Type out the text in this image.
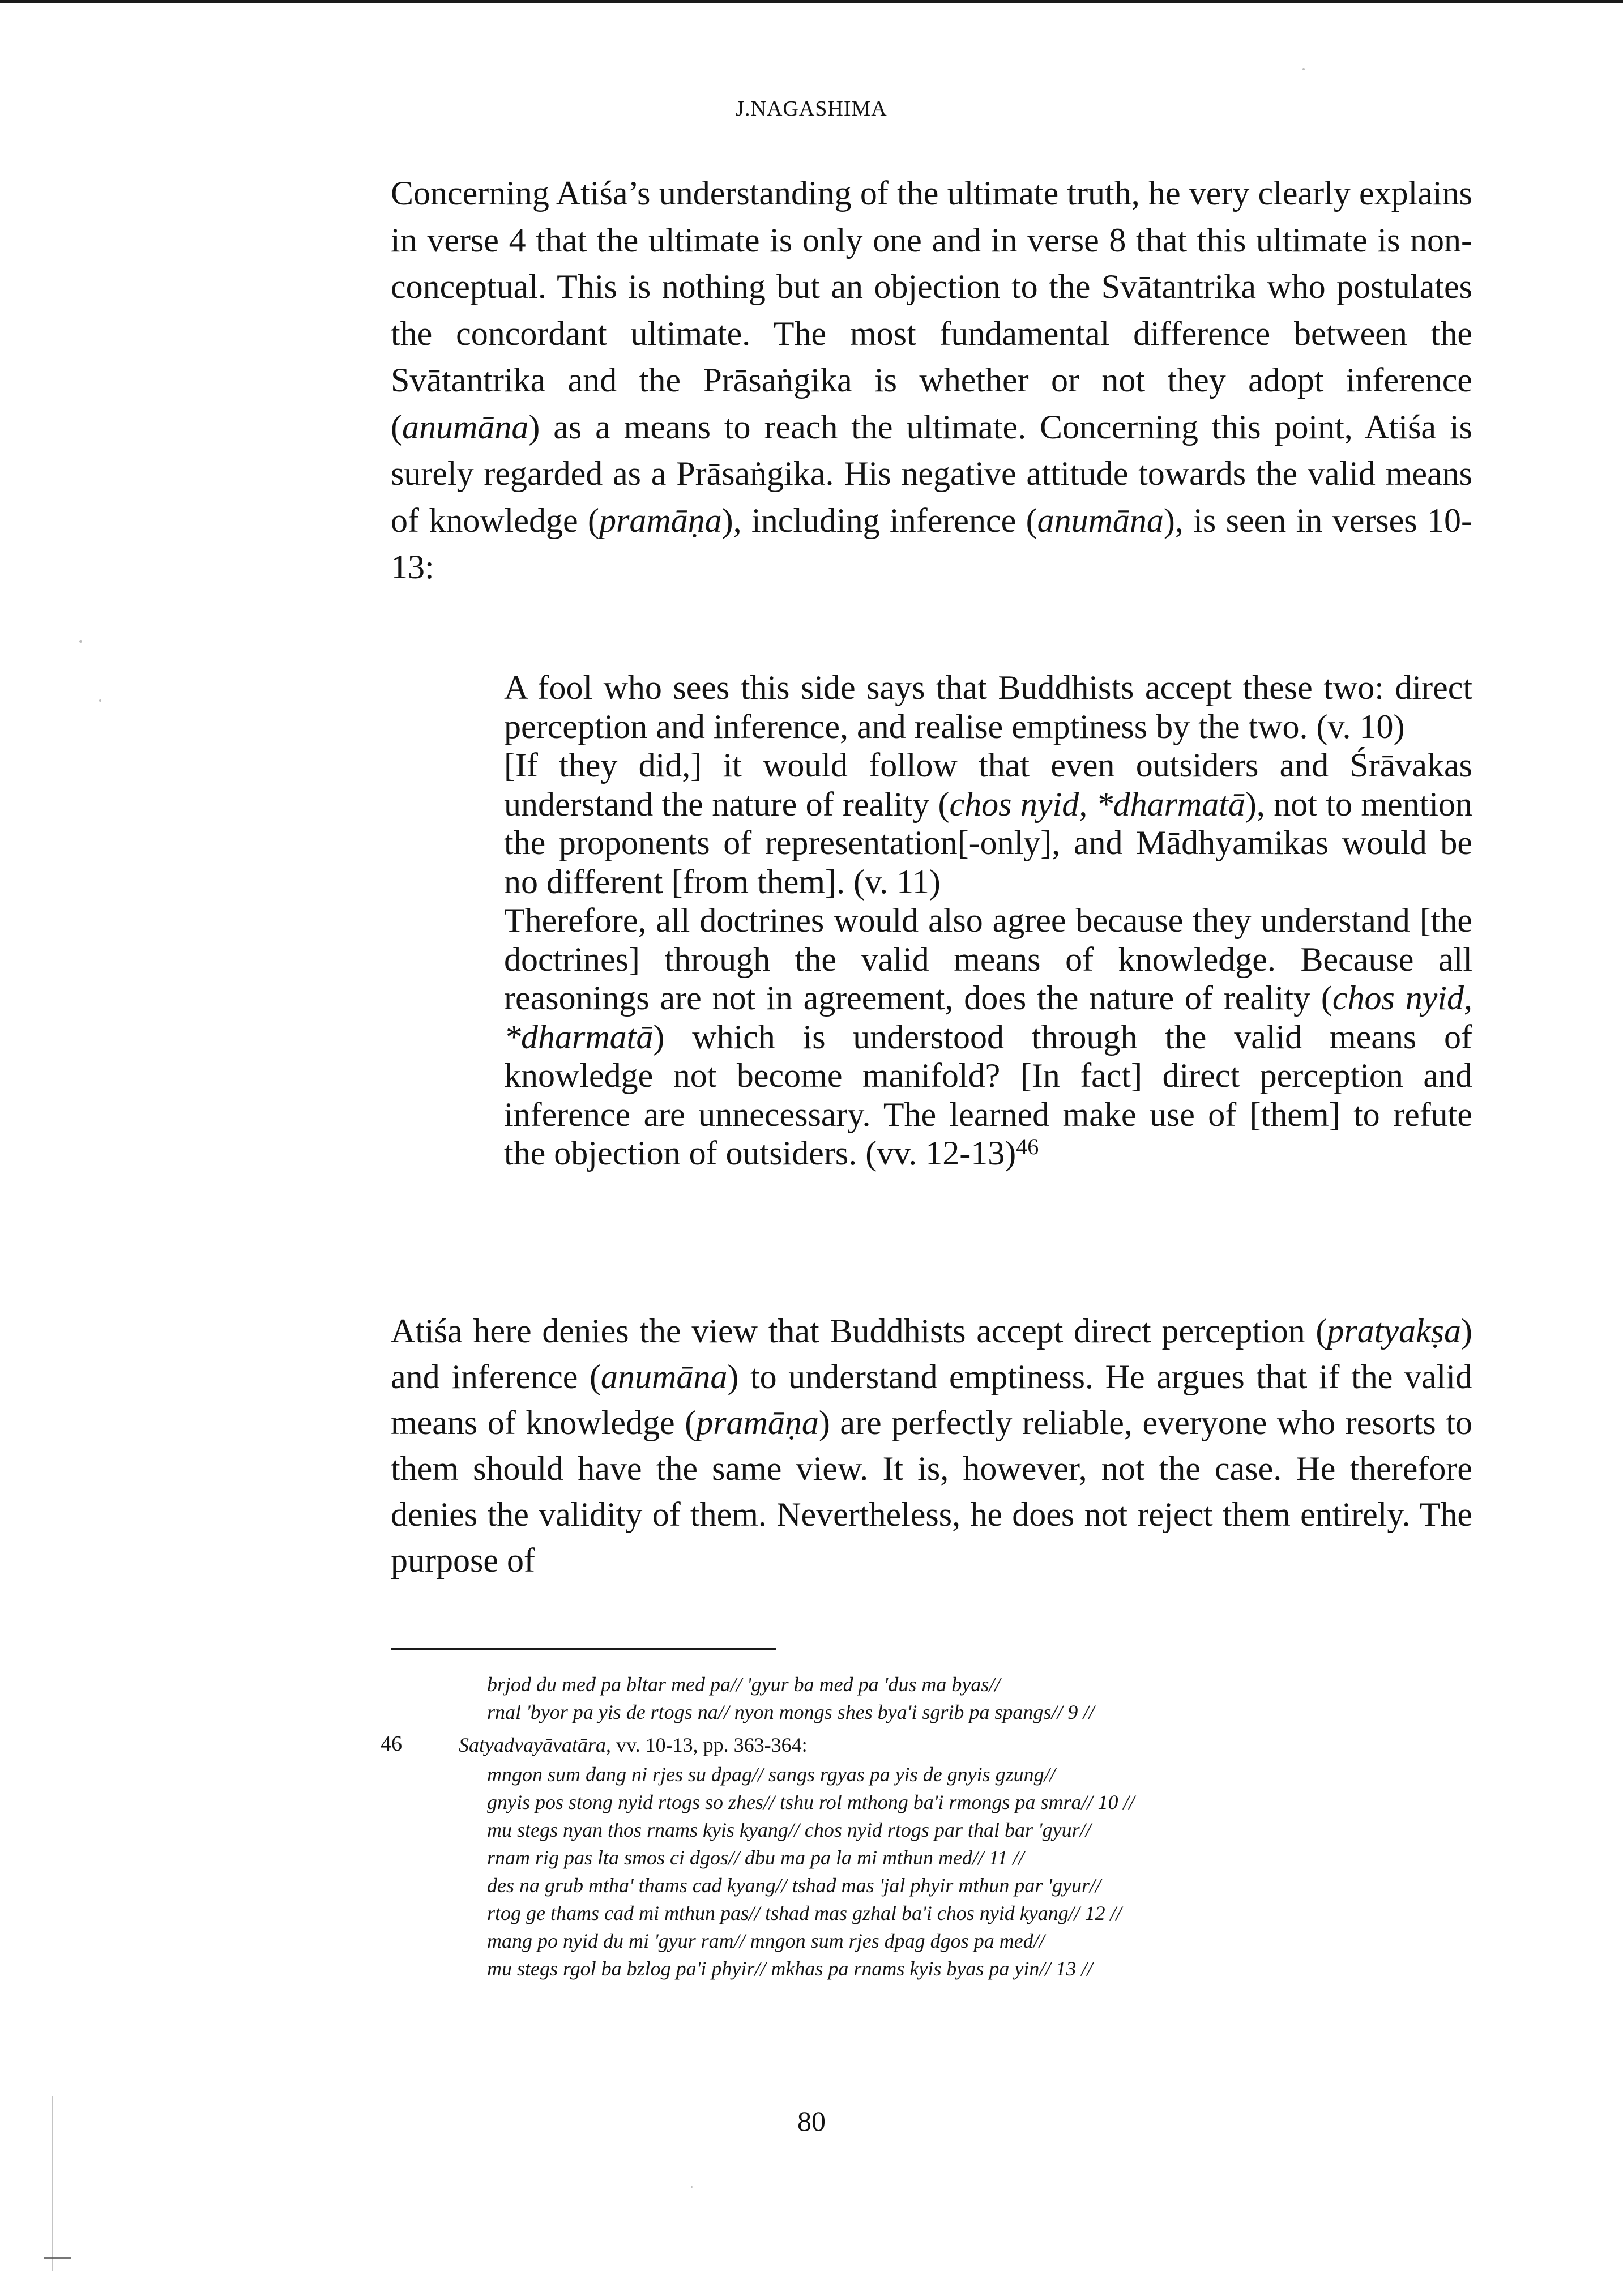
J.NAGASHIMA

Concerning Atiśa’s understanding of the ultimate truth, he very clearly explains in verse 4 that the ultimate is only one and in verse 8 that this ultimate is non-conceptual. This is nothing but an objection to the Svātantrika who postulates the concordant ultimate. The most fundamental difference between the Svātantrika and the Prāsaṅgika is whether or not they adopt inference (anumāna) as a means to reach the ultimate. Concerning this point, Atiśa is surely regarded as a Prāsaṅgika. His negative attitude towards the valid means of knowledge (pramāṇa), including inference (anumāna), is seen in verses 10-13:

A fool who sees this side says that Buddhists accept these two: direct perception and inference, and realise emptiness by the two. (v. 10)

[If they did,] it would follow that even outsiders and Śrāvakas understand the nature of reality (chos nyid, *dharmatā), not to mention the proponents of representation[-only], and Mādhyamikas would be no different [from them]. (v. 11)

Therefore, all doctrines would also agree because they understand [the doctrines] through the valid means of knowledge. Because all reasonings are not in agreement, does the nature of reality (chos nyid, *dharmatā) which is understood through the valid means of knowledge not become manifold? [In fact] direct perception and inference are unnecessary. The learned make use of [them] to refute the objection of outsiders. (vv. 12-13)$^{46}$

Atiśa here denies the view that Buddhists accept direct perception (pratyakṣa) and inference (anumāna) to understand emptiness. He argues that if the valid means of knowledge (pramāṇa) are perfectly reliable, everyone who resorts to them should have the same view. It is, however, not the case. He therefore denies the validity of them. Nevertheless, he does not reject them entirely. The purpose of

brjod du med pa bltar med pa// 'gyur ba med pa 'dus ma byas//

rnal 'byor pa yis de rtogs na// nyon mongs shes bya'i sgrib pa spangs// 9 //

46	Satyadvayāvatāra, vv. 10-13, pp. 363-364:

mngon sum dang ni rjes su dpag// sangs rgyas pa yis de gnyis gzung//

gnyis pos stong nyid rtogs so zhes// tshu rol mthong ba'i rmongs pa smra// 10 //

mu stegs nyan thos rnams kyis kyang// chos nyid rtogs par thal bar 'gyur//

rnam rig pas lta smos ci dgos// dbu ma pa la mi mthun med// 11 //

des na grub mtha' thams cad kyang// tshad mas 'jal phyir mthun par 'gyur//

rtog ge thams cad mi mthun pas// tshad mas gzhal ba'i chos nyid kyang// 12 //

mang po nyid du mi 'gyur ram// mngon sum rjes dpag dgos pa med//

mu stegs rgol ba bzlog pa'i phyir// mkhas pa rnams kyis byas pa yin// 13 //

80
